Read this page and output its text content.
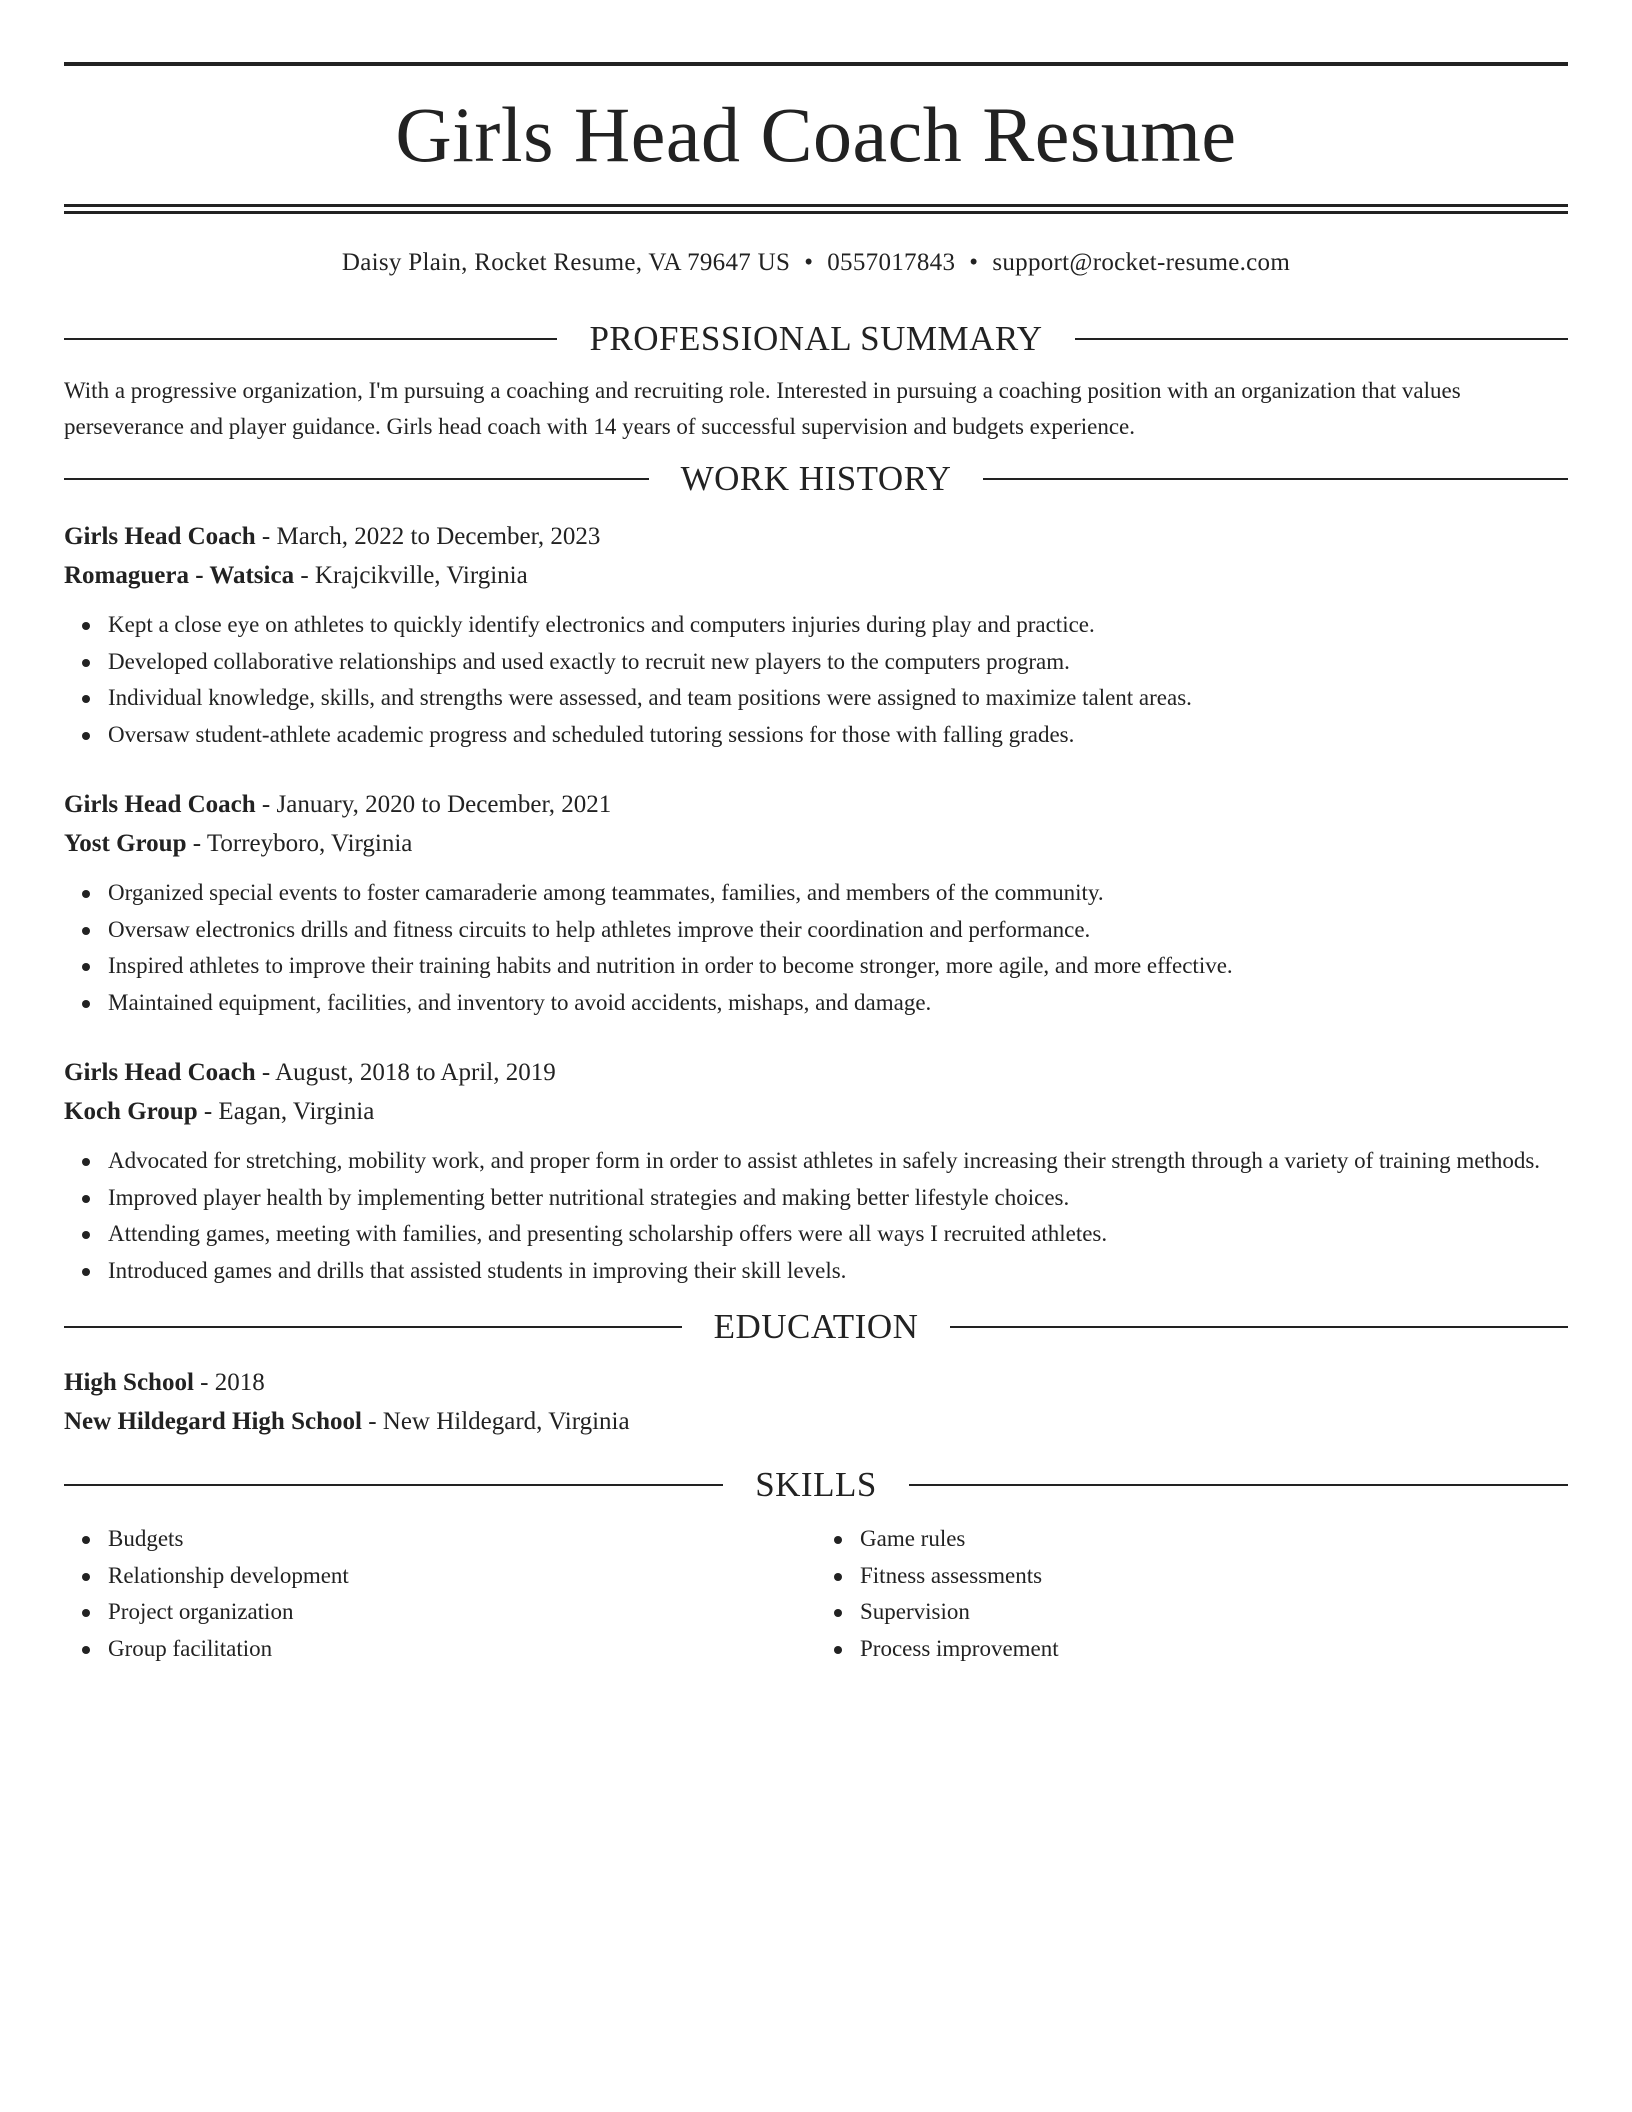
Girls Head Coach Resume
Daisy Plain, Rocket Resume, VA 79647 US • 0557017843 • support@rocket-resume.com
PROFESSIONAL SUMMARY

With a progressive organization, I'm pursuing a coaching and recruiting role. Interested in pursuing a coaching position with an organization that values perseverance and player guidance. Girls head coach with 14 years of successful supervision and budgets experience.

WORK HISTORY
Girls Head Coach - March, 2022 to December, 2023
Romaguera - Watsica - Krajcikville, Virginia
Kept a close eye on athletes to quickly identify electronics and computers injuries during play and practice.
Developed collaborative relationships and used exactly to recruit new players to the computers program.
Individual knowledge, skills, and strengths were assessed, and team positions were assigned to maximize talent areas.
Oversaw student-athlete academic progress and scheduled tutoring sessions for those with falling grades.
Girls Head Coach - January, 2020 to December, 2021
Yost Group - Torreyboro, Virginia
Organized special events to foster camaraderie among teammates, families, and members of the community.
Oversaw electronics drills and fitness circuits to help athletes improve their coordination and performance.
Inspired athletes to improve their training habits and nutrition in order to become stronger, more agile, and more effective.
Maintained equipment, facilities, and inventory to avoid accidents, mishaps, and damage.
Girls Head Coach - August, 2018 to April, 2019
Koch Group - Eagan, Virginia
Advocated for stretching, mobility work, and proper form in order to assist athletes in safely increasing their strength through a variety of training methods.
Improved player health by implementing better nutritional strategies and making better lifestyle choices.
Attending games, meeting with families, and presenting scholarship offers were all ways I recruited athletes.
Introduced games and drills that assisted students in improving their skill levels.
EDUCATION
High School - 2018
New Hildegard High School - New Hildegard, Virginia
SKILLS
Budgets
Relationship development
Project organization
Group facilitation
Game rules
Fitness assessments
Supervision
Process improvement
